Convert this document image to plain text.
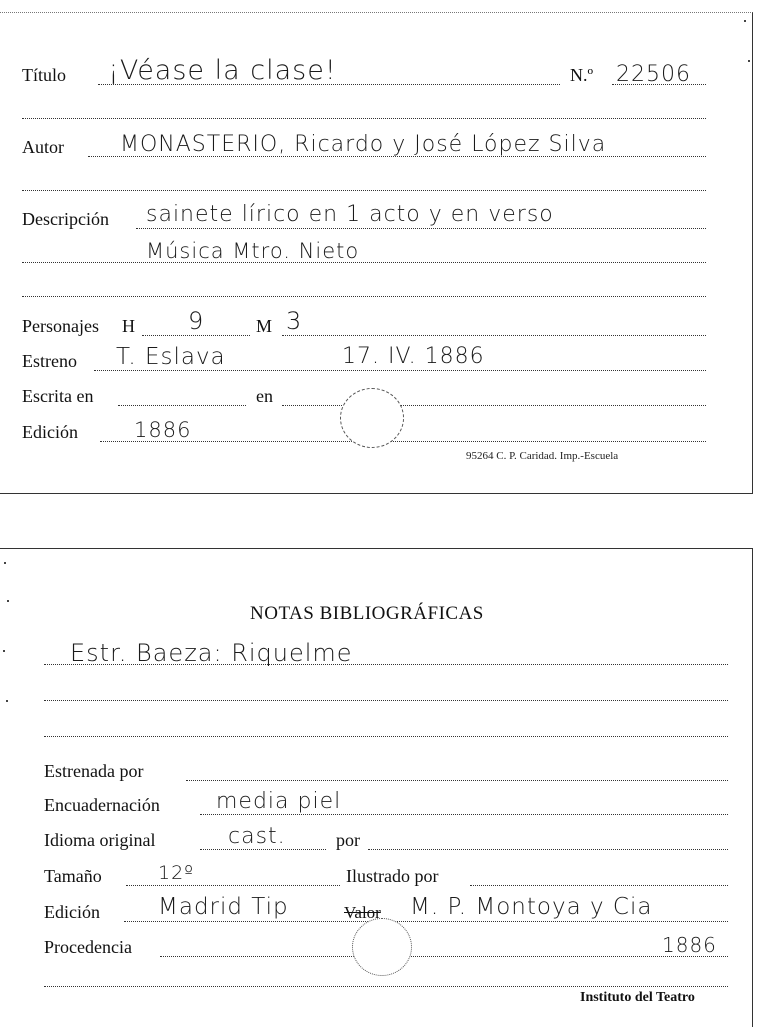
Título ¡Véase la clase!	N.º 22506
Autor	MONASTERIO, Ricardo y José López Silva
Descripción sainete lírico en 1 acto y en verso
Música Mtro. Nieto
Personajes H 9	M 3
Estreno T. Eslava	17. IV. 1886
Escrita en	en
Edición	1886
95264 C. P. Caridad. Imp.-Escuela
NOTAS BIBLIOGRÁFICAS
Estr. Baeza: Riquelme
Estrenada por
Encuadernación	media piel
Idioma original	cast.	por
Tamaño	12º	Ilustrado por
Edición	Madrid Tip	Valor M. P. Montoya y Cia
Procedencia	1886
Instituto del Teatro
